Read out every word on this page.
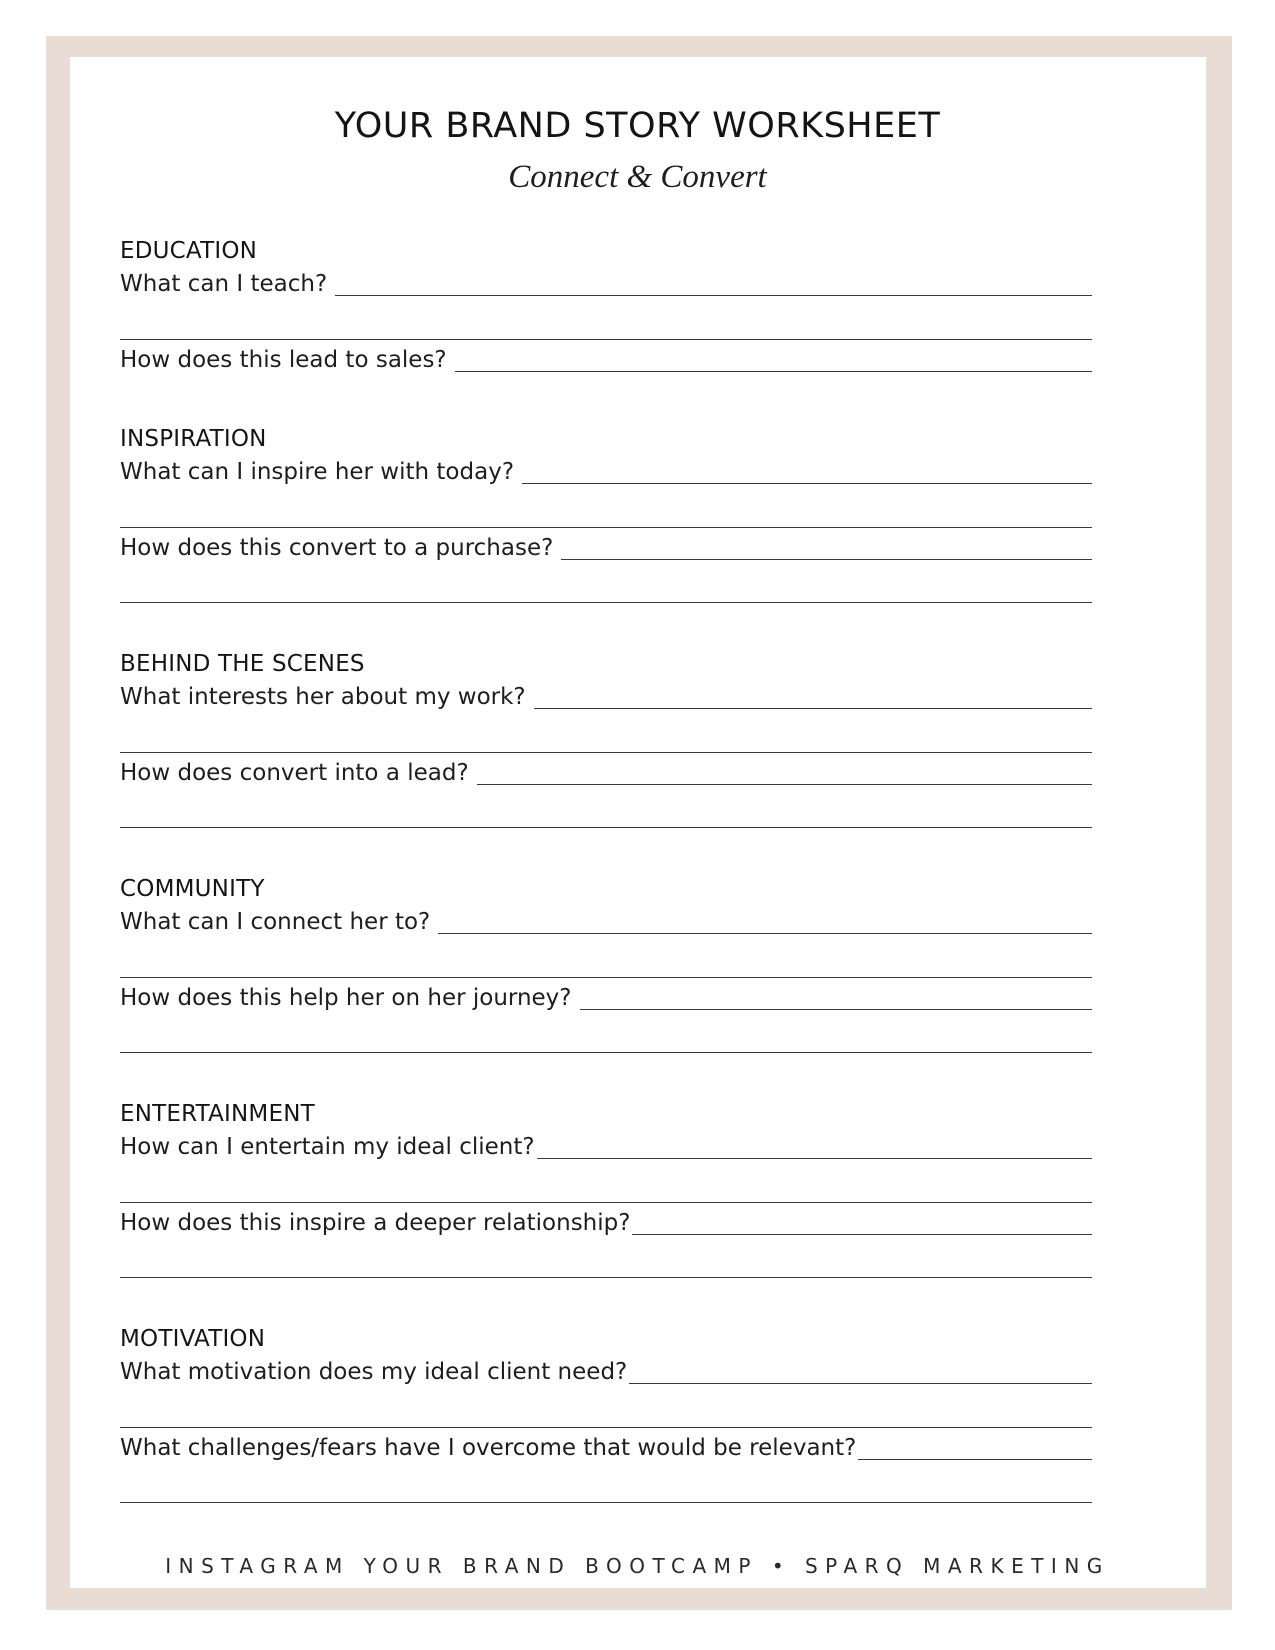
YOUR BRAND STORY WORKSHEET
Connect & Convert
EDUCATION
What can I teach?
How does this lead to sales?
INSPIRATION
What can I inspire her with today?
How does this convert to a purchase?
BEHIND THE SCENES
What interests her about my work?
How does convert into a lead?
COMMUNITY
What can I connect her to?
How does this help her on her journey?
ENTERTAINMENT
How can I entertain my ideal client?
How does this inspire a deeper relationship?
MOTIVATION
What motivation does my ideal client need?
What challenges/fears have I overcome that would be relevant?
INSTAGRAM YOUR BRAND BOOTCAMP • SPARQ MARKETING
